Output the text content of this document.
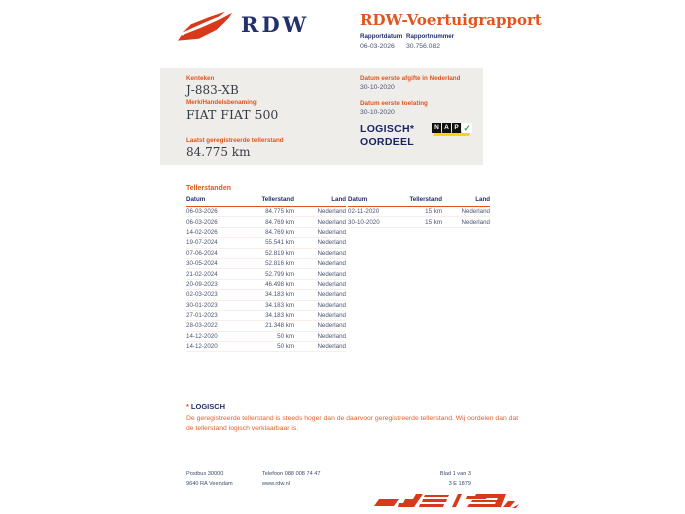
RDW	RDW-Voertuigrapport
Rapportdatum
06-03-2026
Rapportnummer
30.756.082
Kenteken
J-883-XB
Merk/Handelsbenaming
FIAT FIAT 500
Laatst geregistreerde tellerstand
84.775 km
Datum eerste afgifte in Nederland
30-10-2020
Datum eerste toelating
30-10-2020
LOGISCH*
OORDEEL
N A P ✓
Tellerstanden
Datum	Tellerstand	Land
06-03-2026	84.775 km	Nederland
06-03-2026	84.769 km	Nederland
14-02-2026	84.769 km	Nederland
19-07-2024	55.541 km	Nederland
07-06-2024	52.819 km	Nederland
30-05-2024	52.816 km	Nederland
21-02-2024	52.799 km	Nederland
20-09-2023	46.498 km	Nederland
02-03-2023	34.183 km	Nederland
30-01-2023	34.183 km	Nederland
27-01-2023	34.183 km	Nederland
28-03-2022	21.348 km	Nederland
14-12-2020	50 km	Nederland
14-12-2020	50 km	Nederland
Datum	Tellerstand	Land
02-11-2020	15 km	Nederland
30-10-2020	15 km	Nederland
* LOGISCH
De geregistreerde tellerstand is steeds hoger dan de daarvoor geregistreerde tellerstand. Wij oordelen dan dat de tellerstand logisch verklaarbaar is.
Postbus 30000
9640 RA Veendam
Telefoon 088 008 74 47
www.rdw.nl
Blad 1 van 3
3 E 1879
